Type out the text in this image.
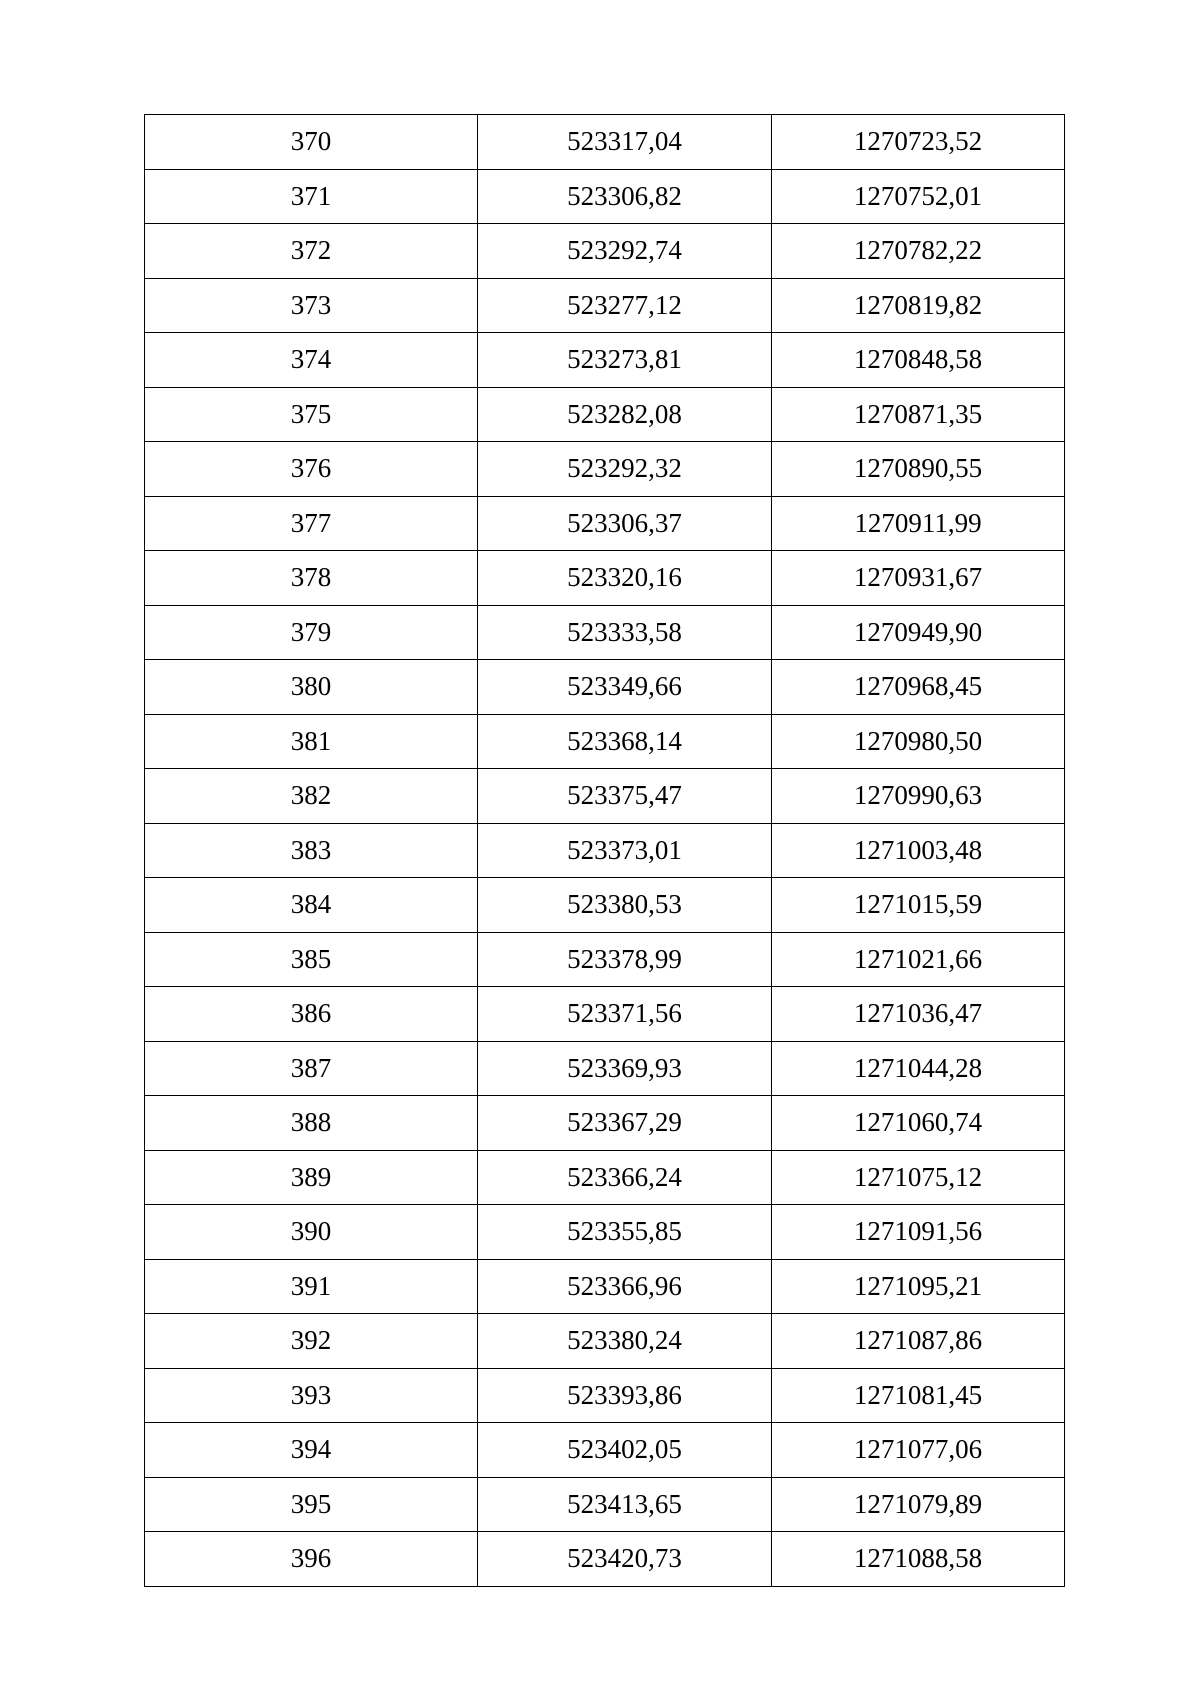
370	523317,04	1270723,52
371	523306,82	1270752,01
372	523292,74	1270782,22
373	523277,12	1270819,82
374	523273,81	1270848,58
375	523282,08	1270871,35
376	523292,32	1270890,55
377	523306,37	1270911,99
378	523320,16	1270931,67
379	523333,58	1270949,90
380	523349,66	1270968,45
381	523368,14	1270980,50
382	523375,47	1270990,63
383	523373,01	1271003,48
384	523380,53	1271015,59
385	523378,99	1271021,66
386	523371,56	1271036,47
387	523369,93	1271044,28
388	523367,29	1271060,74
389	523366,24	1271075,12
390	523355,85	1271091,56
391	523366,96	1271095,21
392	523380,24	1271087,86
393	523393,86	1271081,45
394	523402,05	1271077,06
395	523413,65	1271079,89
396	523420,73	1271088,58
